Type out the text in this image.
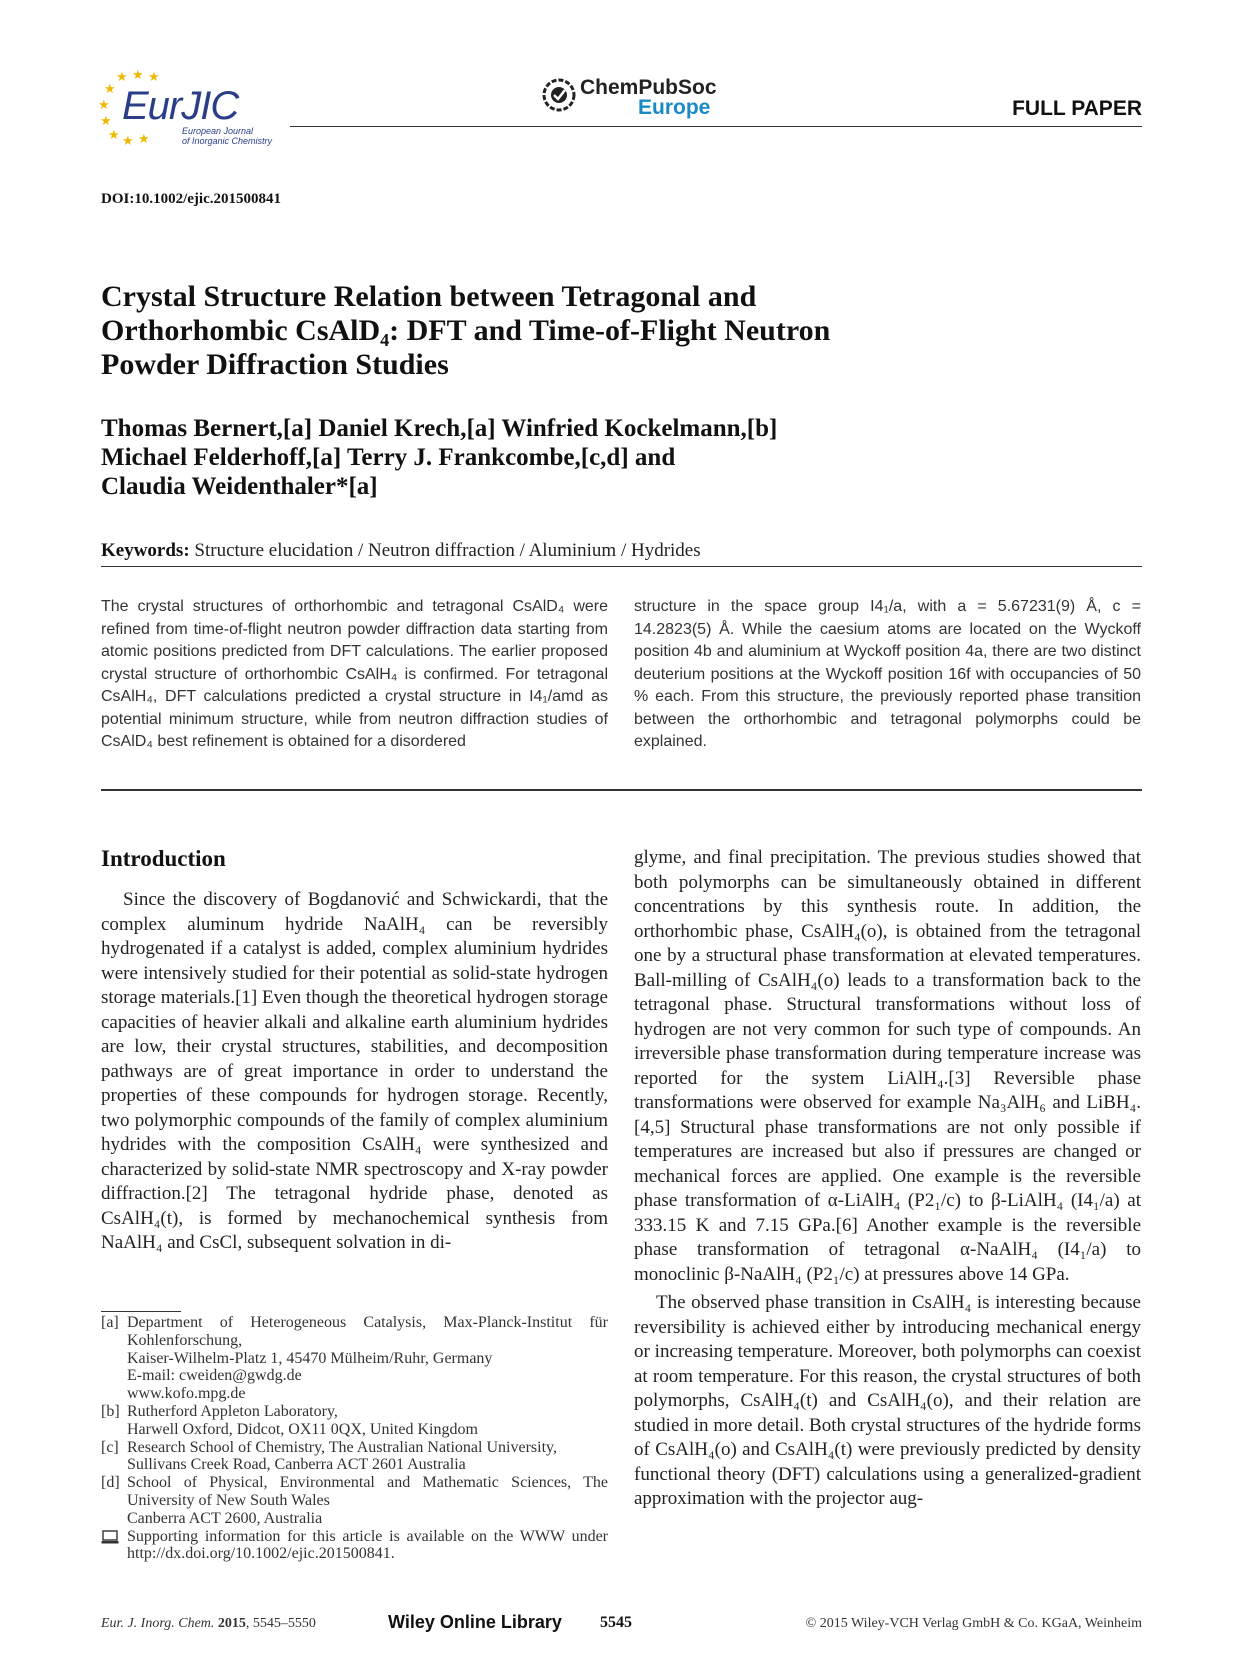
★ ★ ★
★
★
★
★ ★ ★
EurJIC
European Journal
of Inorganic Chemistry
ChemPubSoc
Europe	FULL PAPER
DOI:10.1002/ejic.201500841
Crystal Structure Relation between Tetragonal and
Orthorhombic CsAlD₄: DFT and Time-of-Flight Neutron
Powder Diffraction Studies
Thomas Bernert,[a] Daniel Krech,[a] Winfried Kockelmann,[b]
Michael Felderhoff,[a] Terry J. Frankcombe,[c,d] and
Claudia Weidenthaler*[a]
Keywords: Structure elucidation / Neutron diffraction / Aluminium / Hydrides
The crystal structures of orthorhombic and tetragonal CsAlD₄ were refined from time-of-flight neutron powder diffraction data starting from atomic positions predicted from DFT calculations. The earlier proposed crystal structure of orthorhombic CsAlH₄ is confirmed. For tetragonal CsAlH₄, DFT calculations predicted a crystal structure in I4₁/amd as potential minimum structure, while from neutron diffraction studies of CsAlD₄ best refinement is obtained for a disordered
structure in the space group I4₁/a, with a = 5.67231(9) Å, c = 14.2823(5) Å. While the caesium atoms are located on the Wyckoff position 4b and aluminium at Wyckoff position 4a, there are two distinct deuterium positions at the Wyckoff position 16f with occupancies of 50 % each. From this structure, the previously reported phase transition between the orthorhombic and tetragonal polymorphs could be explained.
Introduction

Since the discovery of Bogdanović and Schwickardi, that the complex aluminum hydride NaAlH₄ can be reversibly hydrogenated if a catalyst is added, complex aluminium hydrides were intensively studied for their potential as solid-state hydrogen storage materials.[1] Even though the theoretical hydrogen storage capacities of heavier alkali and alkaline earth aluminium hydrides are low, their crystal structures, stabilities, and decomposition pathways are of great importance in order to understand the properties of these compounds for hydrogen storage. Recently, two polymorphic compounds of the family of complex aluminium hydrides with the composition CsAlH₄ were synthesized and characterized by solid-state NMR spectroscopy and X-ray powder diffraction.[2] The tetragonal hydride phase, denoted as CsAlH₄(t), is formed by mechanochemical synthesis from NaAlH₄ and CsCl, subsequent solvation in di-

glyme, and final precipitation. The previous studies showed that both polymorphs can be simultaneously obtained in different concentrations by this synthesis route. In addition, the orthorhombic phase, CsAlH₄(o), is obtained from the tetragonal one by a structural phase transformation at elevated temperatures. Ball-milling of CsAlH₄(o) leads to a transformation back to the tetragonal phase. Structural transformations without loss of hydrogen are not very common for such type of compounds. An irreversible phase transformation during temperature increase was reported for the system LiAlH₄.[3] Reversible phase transformations were observed for example Na₃AlH₆ and LiBH₄.[4,5] Structural phase transformations are not only possible if temperatures are increased but also if pressures are changed or mechanical forces are applied. One example is the reversible phase transformation of α-LiAlH₄ (P2₁/c) to β-LiAlH₄ (I4₁/a) at 333.15 K and 7.15 GPa.[6] Another example is the reversible phase transformation of tetragonal α-NaAlH₄ (I4₁/a) to monoclinic β-NaAlH₄ (P2₁/c) at pressures above 14 GPa.

The observed phase transition in CsAlH₄ is interesting because reversibility is achieved either by introducing mechanical energy or increasing temperature. Moreover, both polymorphs can coexist at room temperature. For this reason, the crystal structures of both polymorphs, CsAlH₄(t) and CsAlH₄(o), and their relation are studied in more detail. Both crystal structures of the hydride forms of CsAlH₄(o) and CsAlH₄(t) were previously predicted by density functional theory (DFT) calculations using a generalized-gradient approximation with the projector aug-

[a] Department of Heterogeneous Catalysis, Max-Planck-Institut für Kohlenforschung,
Kaiser-Wilhelm-Platz 1, 45470 Mülheim/Ruhr, Germany
E-mail: cweiden@gwdg.de
www.kofo.mpg.de
[b] Rutherford Appleton Laboratory,
Harwell Oxford, Didcot, OX11 0QX, United Kingdom
[c] Research School of Chemistry, The Australian National University,
Sullivans Creek Road, Canberra ACT 2601 Australia
[d] School of Physical, Environmental and Mathematic Sciences, The University of New South Wales
Canberra ACT 2600, Australia
Supporting information for this article is available on the WWW under http://dx.doi.org/10.1002/ejic.201500841.
Eur. J. Inorg. Chem. 2015, 5545–5550	Wiley Online Library 5545	© 2015 Wiley-VCH Verlag GmbH & Co. KGaA, Weinheim
